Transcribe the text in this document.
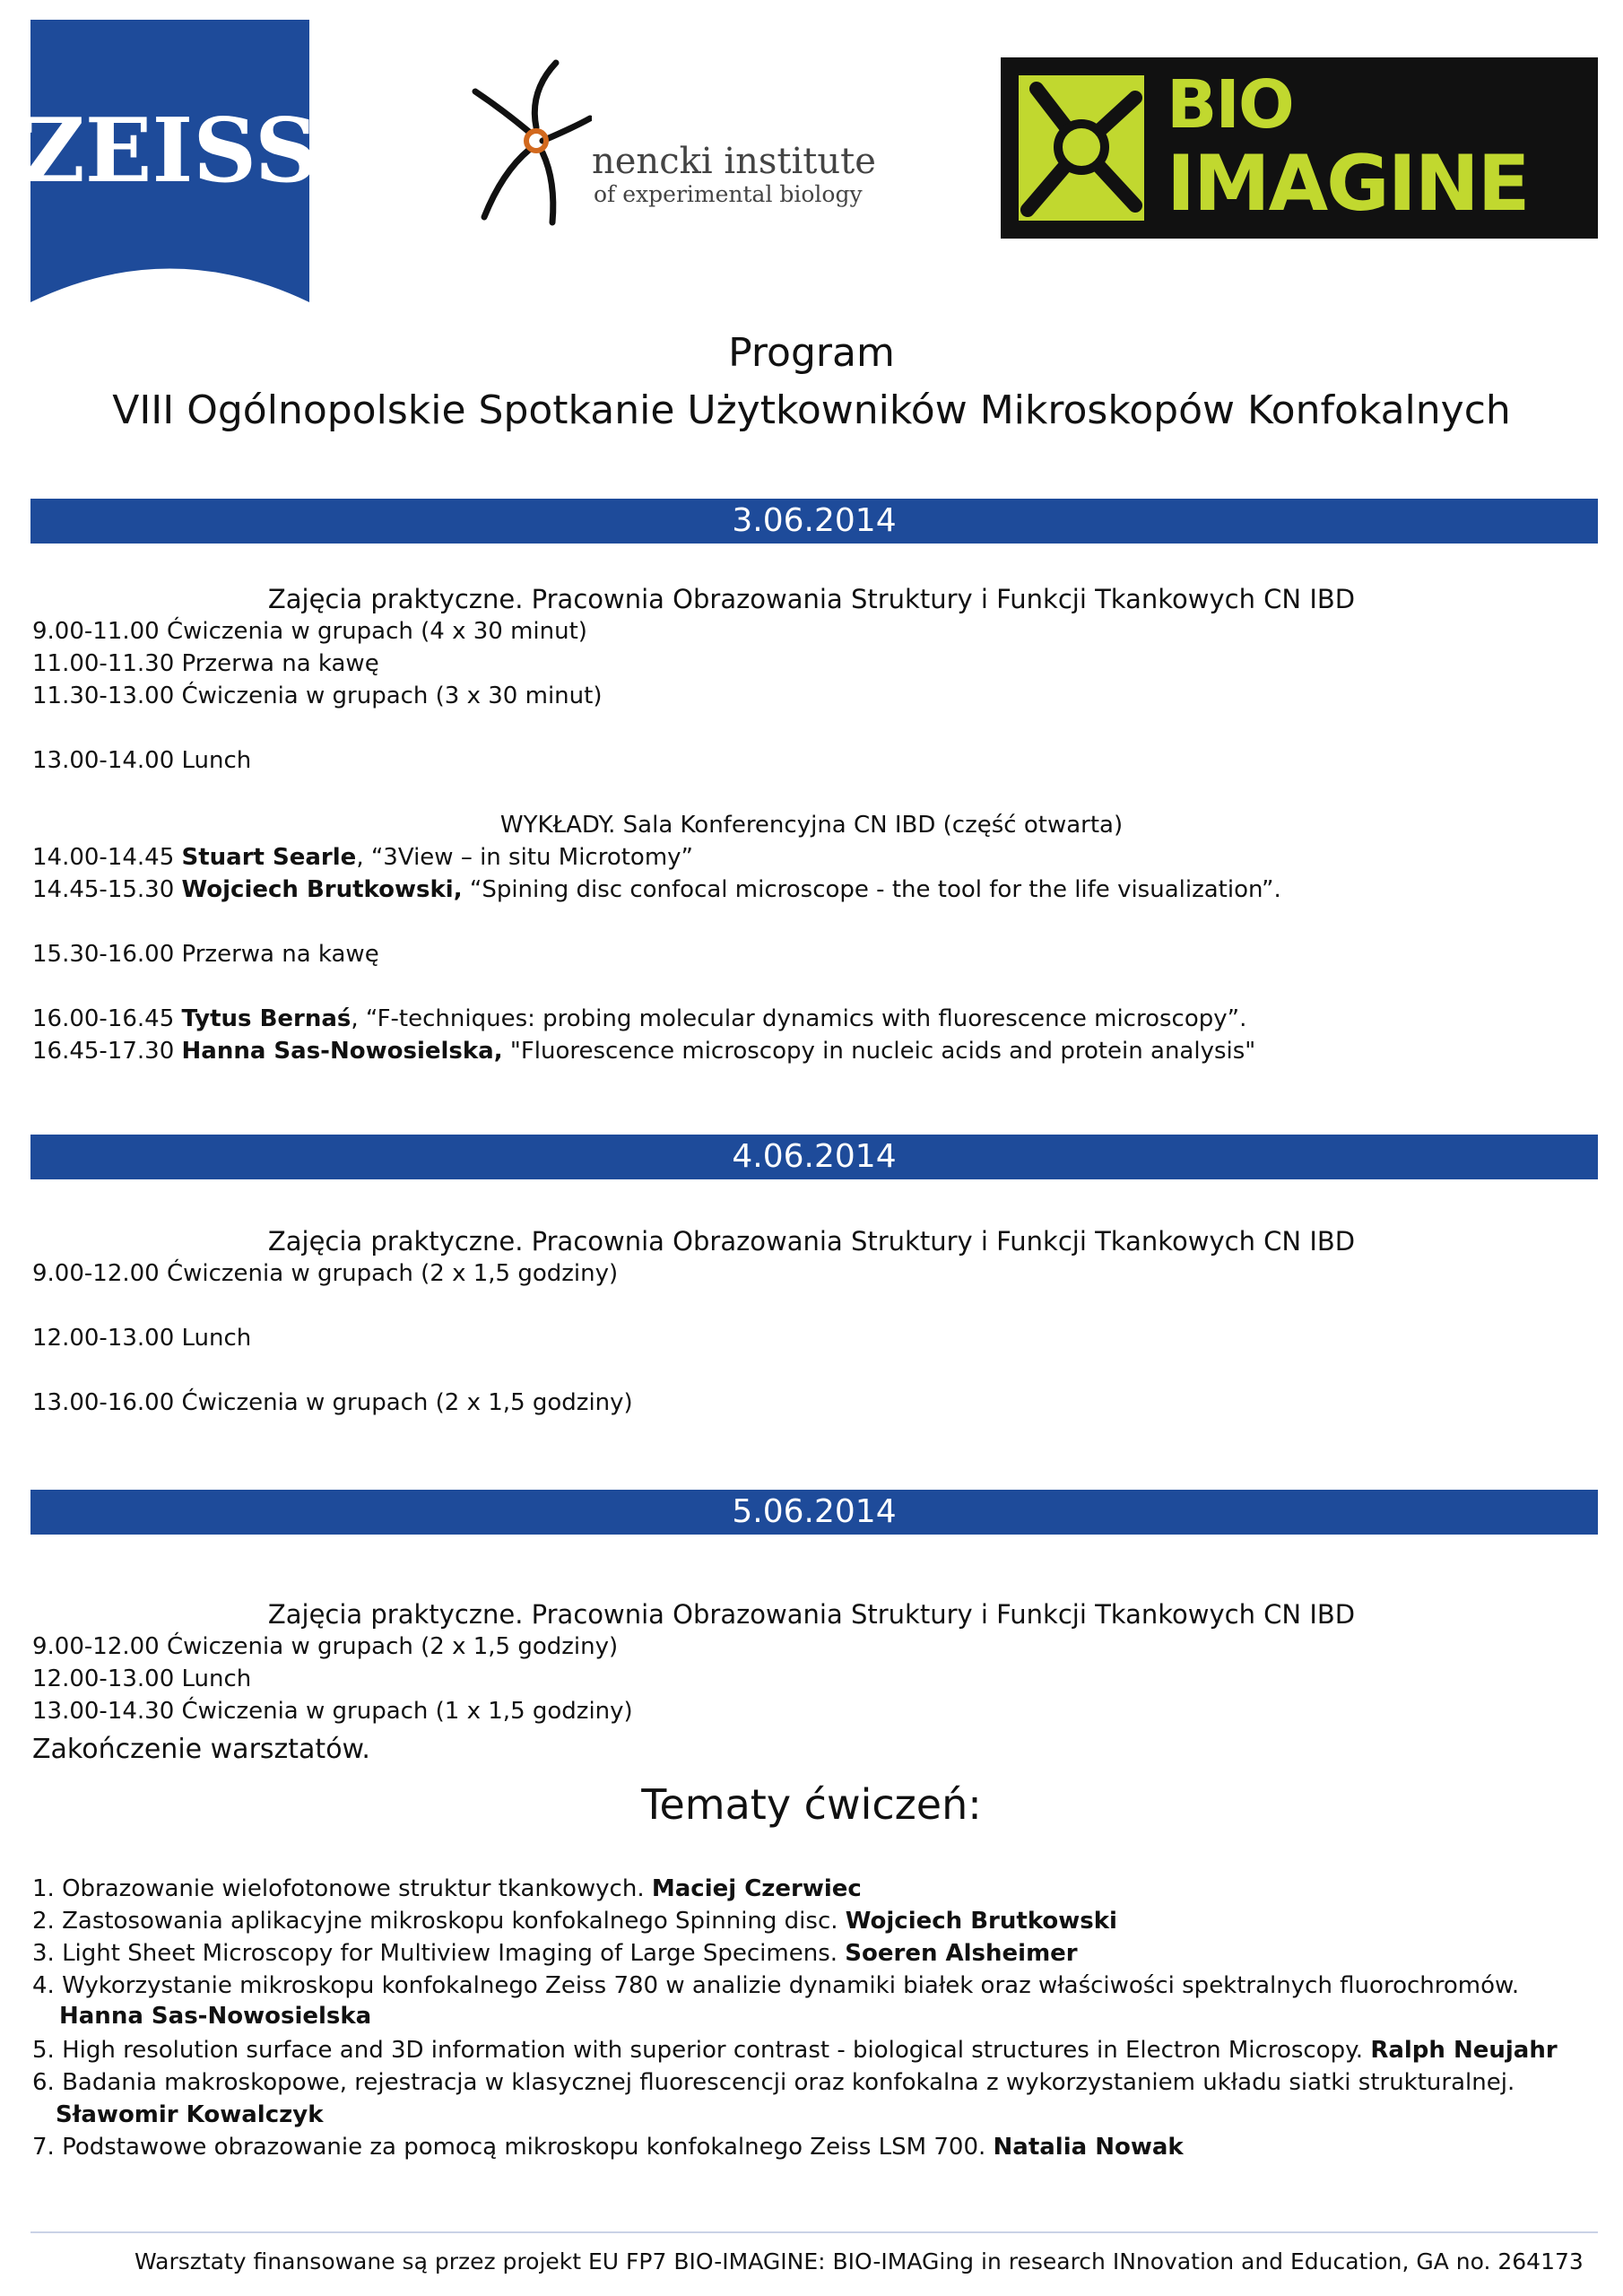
ZEISS	nencki institute
of experimental biology
BIO
IMAGINE
Program
VIII Ogólnopolskie Spotkanie Użytkowników Mikroskopów Konfokalnych
3.06.2014
Zajęcia praktyczne. Pracownia Obrazowania Struktury i Funkcji Tkankowych CN IBD
9.00-11.00 Ćwiczenia w grupach (4 x 30 minut)
11.00-11.30 Przerwa na kawę
11.30-13.00 Ćwiczenia w grupach (3 x 30 minut)
13.00-14.00 Lunch
WYKŁADY. Sala Konferencyjna CN IBD (część otwarta)
14.00-14.45 Stuart Searle, “3View – in situ Microtomy”
14.45-15.30 Wojciech Brutkowski, “Spining disc confocal microscope - the tool for the life visualization”.
15.30-16.00 Przerwa na kawę
16.00-16.45 Tytus Bernaś, “F-techniques: probing molecular dynamics with fluorescence microscopy”.
16.45-17.30 Hanna Sas-Nowosielska, "Fluorescence microscopy in nucleic acids and protein analysis"
4.06.2014
Zajęcia praktyczne. Pracownia Obrazowania Struktury i Funkcji Tkankowych CN IBD
9.00-12.00 Ćwiczenia w grupach (2 x 1,5 godziny)
12.00-13.00 Lunch
13.00-16.00 Ćwiczenia w grupach (2 x 1,5 godziny)
5.06.2014
Zajęcia praktyczne. Pracownia Obrazowania Struktury i Funkcji Tkankowych CN IBD
9.00-12.00 Ćwiczenia w grupach (2 x 1,5 godziny)
12.00-13.00 Lunch
13.00-14.30 Ćwiczenia w grupach (1 x 1,5 godziny)
Zakończenie warsztatów.
Tematy ćwiczeń:
1. Obrazowanie wielofotonowe struktur tkankowych. Maciej Czerwiec
2. Zastosowania aplikacyjne mikroskopu konfokalnego Spinning disc. Wojciech Brutkowski
3. Light Sheet Microscopy for Multiview Imaging of Large Specimens. Soeren Alsheimer
4. Wykorzystanie mikroskopu konfokalnego Zeiss 780 w analizie dynamiki białek oraz właściwości spektralnych fluorochromów.
Hanna Sas-Nowosielska
5. High resolution surface and 3D information with superior contrast - biological structures in Electron Microscopy. Ralph Neujahr
6. Badania makroskopowe, rejestracja w klasycznej fluorescencji oraz konfokalna z wykorzystaniem układu siatki strukturalnej.
Sławomir Kowalczyk
7. Podstawowe obrazowanie za pomocą mikroskopu konfokalnego Zeiss LSM 700. Natalia Nowak
Warsztaty finansowane są przez projekt EU FP7 BIO-IMAGINE: BIO-IMAGing in research INnovation and Education, GA no. 264173
